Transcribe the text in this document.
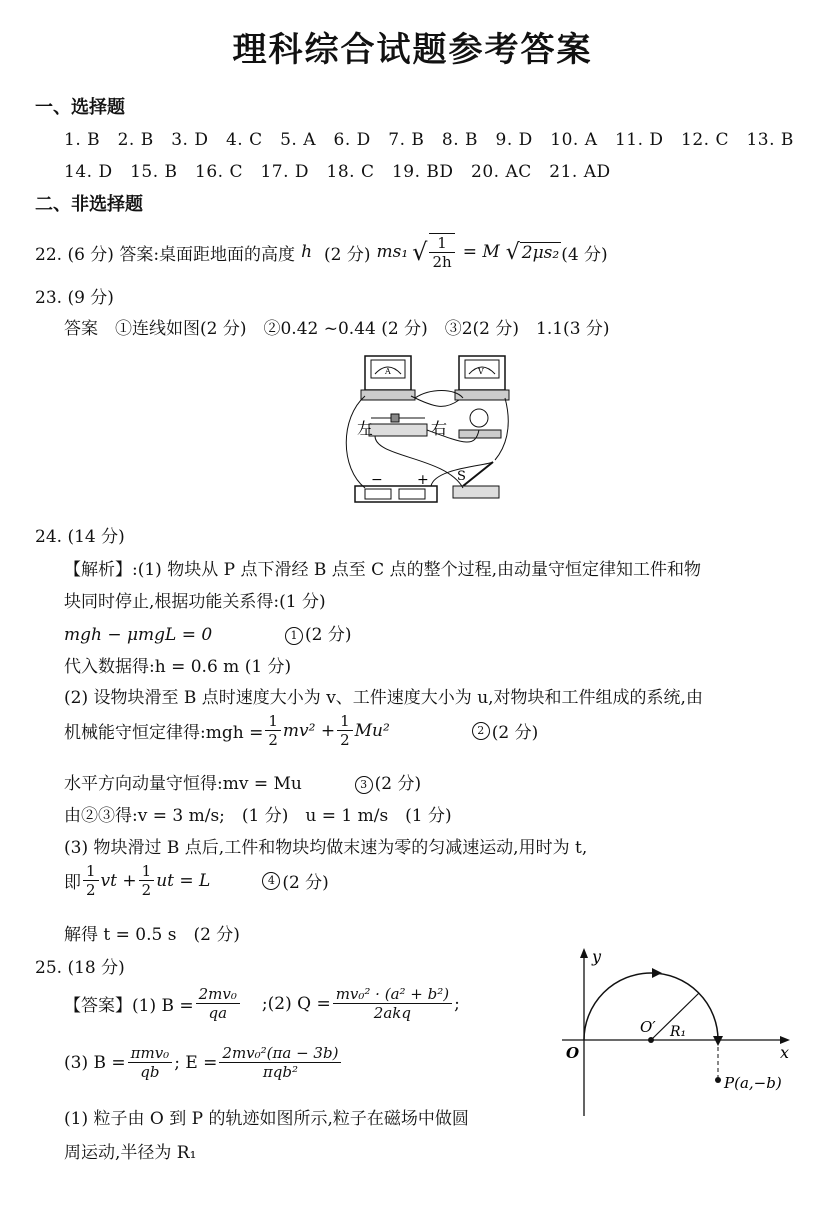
理科综合试题参考答案
一、选择题
1. B　2. B　3. D　4. C　5. A　6. D　7. B　8. B　9. D　10. A　11. D　12. C　13. B
14. D　15. B　16. C　17. D　18. C　19. BD　20. AC　21. AD
二、非选择题
22. (6 分) 答案:桌面距地面的高度 h (2 分) ms₁ √ $\frac{1}{2h} = M$ √ 2μs₂ (4 分)
23. (9 分)
答案　①连线如图(2 分)　②0.42 ~0.44 (2 分)　③2(2 分)　1.1(3 分)
A	V
左	右
− + S
24. (14 分)
【解析】:(1) 物块从 P 点下滑经 B 点至 C 点的整个过程,由动量守恒定律知工件和物
块同时停止,根据功能关系得:(1 分)
mgh − μmgL = 0	1 (2 分)
代入数据得:h = 0.6 m (1 分)
(2) 设物块滑至 B 点时速度大小为 v、工件速度大小为 u,对物块和工件组成的系统,由
机械能守恒定律得:mgh = $\frac{1}{2} mv^2 + \frac{1}{2} Mu^2$	2 (2 分)
水平方向动量守恒得:mv = Mu	3 (2 分)
由②③得:v = 3 m/s;　(1 分)　u = 1 m/s　(1 分)
(3) 物块滑过 B 点后,工件和物块均做末速为零的匀减速运动,用时为 t,
即 $\frac{1}{2}$ vt + $\frac{1}{2}$ ut = L	4 (2 分)
解得 t = 0.5 s　(2 分)
25. (18 分)
【答案】(1) $B = \frac{\text{2mv₀}}{qa}$ ;(2) $Q = \frac{\text{mv₀² · (a² + b²)}}{\text{2akq}}$ ;
(3) $B = \frac{\text{πmv₀}}{qb}$ ; $E = \frac{\text{2mv₀²(πa − 3b)}}{\text{πqb²}}$
(1) 粒子由 O 到 P 的轨迹如图所示,粒子在磁场中做圆
周运动,半径为 R₁
y
x
O
O′ R₁
P(a,−b)
